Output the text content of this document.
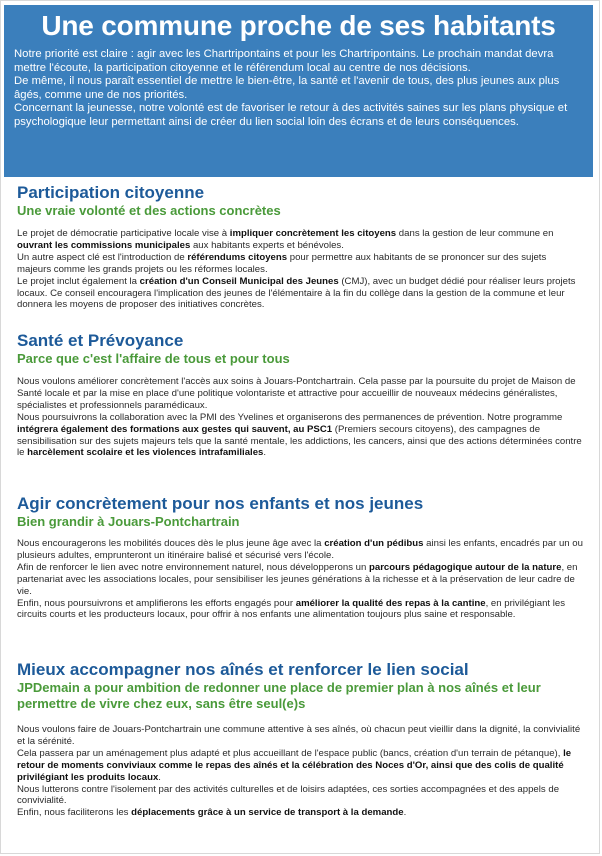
Une commune proche de ses habitants

Notre priorité est claire : agir avec les Chartripontains et pour les Chartripontains. Le prochain mandat devra mettre l'écoute, la participation citoyenne et le référendum local au centre de nos décisions.

De même, il nous paraît essentiel de mettre le bien-être, la santé et l'avenir de tous, des plus jeunes aux plus âgés, comme une de nos priorités.

Concernant la jeunesse, notre volonté est de favoriser le retour à des activités saines sur les plans physique et psychologique leur permettant ainsi de créer du lien social loin des écrans et de leurs conséquences.

Participation citoyenne
Une vraie volonté et des actions concrètes

Le projet de démocratie participative locale vise à impliquer concrètement les citoyens dans la gestion de leur commune en ouvrant les commissions municipales aux habitants experts et bénévoles.

Un autre aspect clé est l'introduction de référendums citoyens pour permettre aux habitants de se prononcer sur des sujets majeurs comme les grands projets ou les réformes locales.

Le projet inclut également la création d'un Conseil Municipal des Jeunes (CMJ), avec un budget dédié pour réaliser leurs projets locaux. Ce conseil encouragera l'implication des jeunes de l'élémentaire à la fin du collège dans la gestion de la commune et leur donnera les moyens de proposer des initiatives concrètes.

Santé et Prévoyance
Parce que c'est l'affaire de tous et pour tous

Nous voulons améliorer concrètement l'accès aux soins à Jouars-Pontchartrain. Cela passe par la poursuite du projet de Maison de Santé locale et par la mise en place d'une politique volontariste et attractive pour accueillir de nouveaux médecins généralistes, spécialistes et professionnels paramédicaux.

Nous poursuivrons la collaboration avec la PMI des Yvelines et organiserons des permanences de prévention. Notre programme intégrera également des formations aux gestes qui sauvent, au PSC1 (Premiers secours citoyens), des campagnes de sensibilisation sur des sujets majeurs tels que la santé mentale, les addictions, les cancers, ainsi que des actions déterminées contre le harcèlement scolaire et les violences intrafamiliales.

Agir concrètement pour nos enfants et nos jeunes
Bien grandir à Jouars-Pontchartrain

Nous encouragerons les mobilités douces dès le plus jeune âge avec la création d'un pédibus ainsi les enfants, encadrés par un ou plusieurs adultes, emprunteront un itinéraire balisé et sécurisé vers l'école.

Afin de renforcer le lien avec notre environnement naturel, nous développerons un parcours pédagogique autour de la nature, en partenariat avec les associations locales, pour sensibiliser les jeunes générations à la richesse et à la préservation de leur cadre de vie.

Enfin, nous poursuivrons et amplifierons les efforts engagés pour améliorer la qualité des repas à la cantine, en privilégiant les circuits courts et les producteurs locaux, pour offrir à nos enfants une alimentation toujours plus saine et responsable.

Mieux accompagner nos aînés et renforcer le lien social
JPDemain a pour ambition de redonner une place de premier plan à nos aînés et leur permettre de vivre chez eux, sans être seul(e)s

Nous voulons faire de Jouars-Pontchartrain une commune attentive à ses aînés, où chacun peut vieillir dans la dignité, la convivialité et la sérénité.

Cela passera par un aménagement plus adapté et plus accueillant de l'espace public (bancs, création d'un terrain de pétanque), le retour de moments conviviaux comme le repas des aînés et la célébration des Noces d'Or, ainsi que des colis de qualité privilégiant les produits locaux.

Nous lutterons contre l'isolement par des activités culturelles et de loisirs adaptées, ces sorties accompagnées et des appels de convivialité.

Enfin, nous faciliterons les déplacements grâce à un service de transport à la demande.
